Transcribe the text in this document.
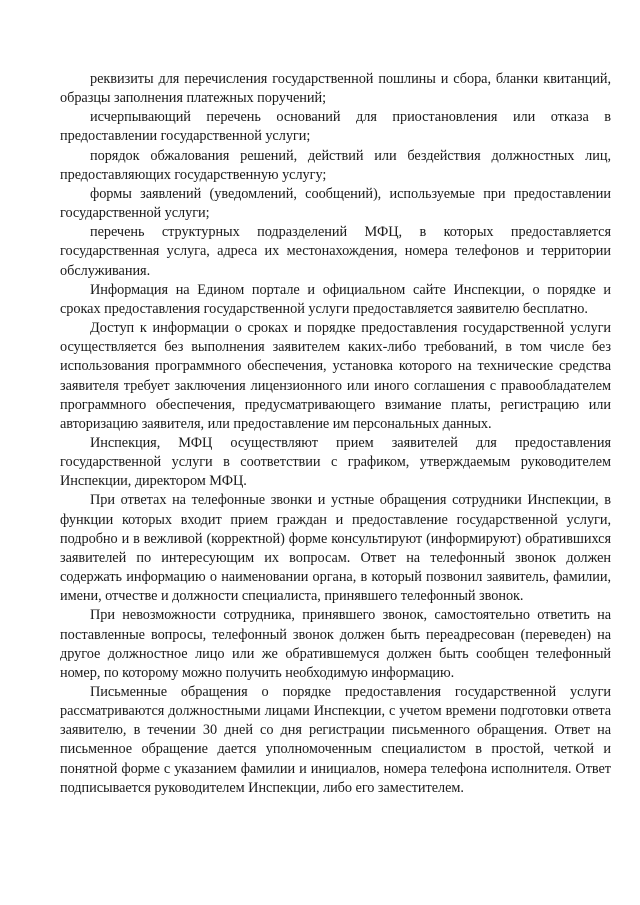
реквизиты для перечисления государственной пошлины и сбора, бланки квитанций, образцы заполнения платежных поручений;

исчерпывающий перечень оснований для приостановления или отказа в предоставлении государственной услуги;

порядок обжалования решений, действий или бездействия должностных лиц, предоставляющих государственную услугу;

формы заявлений (уведомлений, сообщений), используемые при предоставлении государственной услуги;

перечень структурных подразделений МФЦ, в которых предоставляется государственная услуга, адреса их местонахождения, номера телефонов и территории обслуживания.

Информация на Едином портале и официальном сайте Инспекции, о порядке и сроках предоставления государственной услуги предоставляется заявителю бесплатно.

Доступ к информации о сроках и порядке предоставления государственной услуги осуществляется без выполнения заявителем каких-либо требований, в том числе без использования программного обеспечения, установка которого на технические средства заявителя требует заключения лицензионного или иного соглашения с правообладателем программного обеспечения, предусматривающего взимание платы, регистрацию или авторизацию заявителя, или предоставление им персональных данных.

Инспекция, МФЦ осуществляют прием заявителей для предоставления государственной услуги в соответствии с графиком, утверждаемым руководителем Инспекции, директором МФЦ.

При ответах на телефонные звонки и устные обращения сотрудники Инспекции, в функции которых входит прием граждан и предоставление государственной услуги, подробно и в вежливой (корректной) форме консультируют (информируют) обратившихся заявителей по интересующим их вопросам. Ответ на телефонный звонок должен содержать информацию о наименовании органа, в который позвонил заявитель, фамилии, имени, отчестве и должности специалиста, принявшего телефонный звонок.

При невозможности сотрудника, принявшего звонок, самостоятельно ответить на поставленные вопросы, телефонный звонок должен быть переадресован (переведен) на другое должностное лицо или же обратившемуся должен быть сообщен телефонный номер, по которому можно получить необходимую информацию.

Письменные обращения о порядке предоставления государственной услуги рассматриваются должностными лицами Инспекции, с учетом времени подготовки ответа заявителю, в течении 30 дней со дня регистрации письменного обращения. Ответ на письменное обращение дается уполномоченным специалистом в простой, четкой и понятной форме с указанием фамилии и инициалов, номера телефона исполнителя. Ответ подписывается руководителем Инспекции, либо его заместителем.
